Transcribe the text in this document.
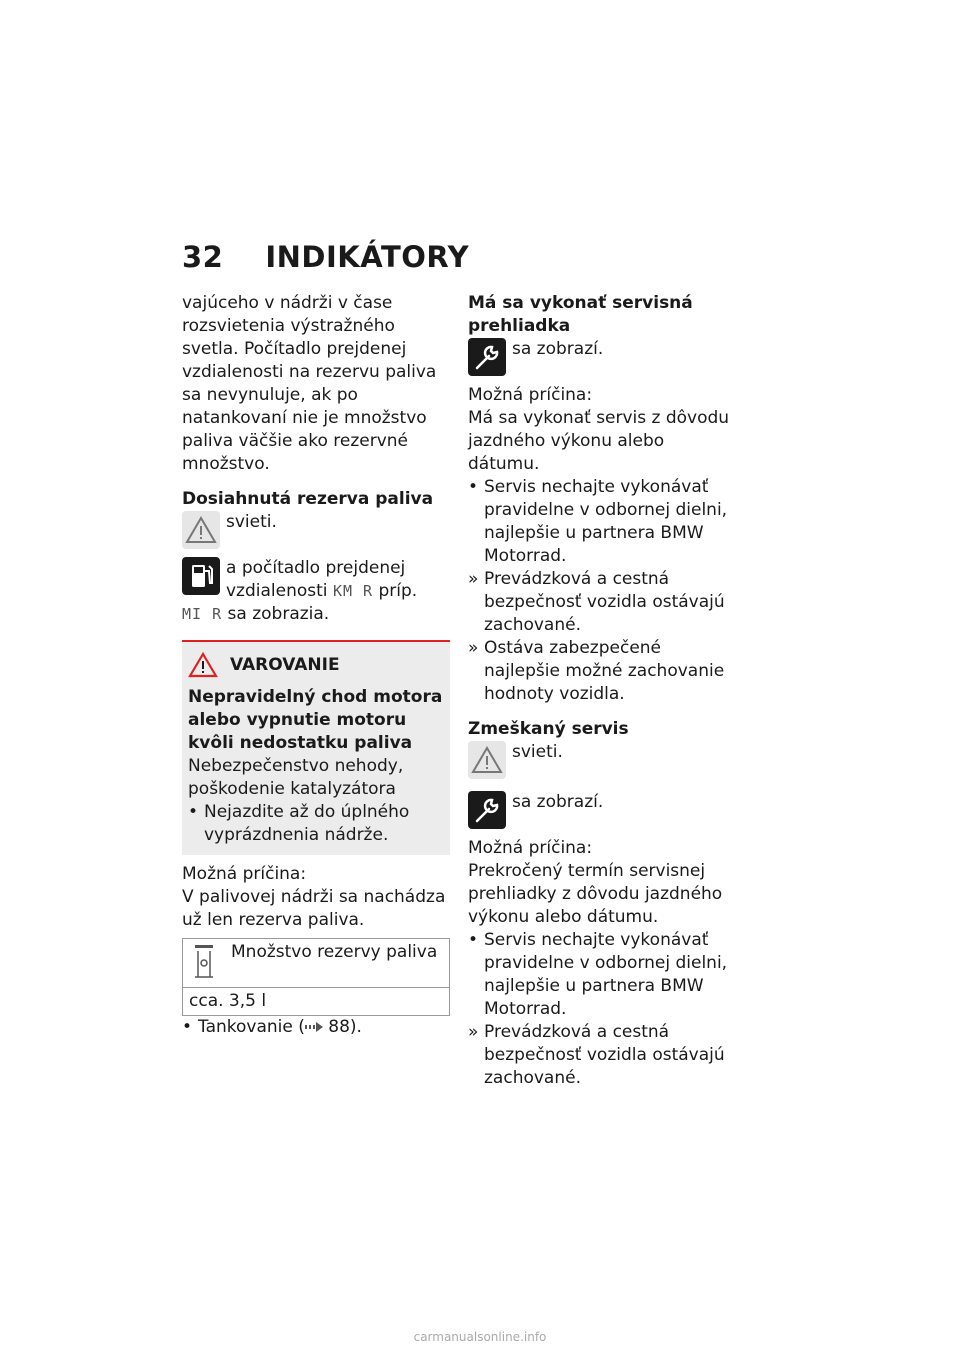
32 INDIKÁTORY

vajúceho v nádrži v čase rozsvietenia výstražného svetla. Počítadlo prejdenej vzdialenosti na rezervu paliva sa nevynuluje, ak po natankovaní nie je množstvo paliva väčšie ako rezervné množstvo.

Dosiahnutá rezerva paliva

svieti.
a počítadlo prejdenej vzdialenosti KM R príp.
MI R sa zobrazia.
VAROVANIE

Nepravidelný chod motora alebo vypnutie motoru kvôli nedostatku paliva

Nebezpečenstvo nehody, poškodenie katalyzátora

• Nejazdite až do úplného vyprázdnenia nádrže.

Možná príčina:

V palivovej nádrži sa nachádza už len rezerva paliva.

Množstvo rezervy paliva

cca. 3,5 l
• Tankovanie ( 88).

Má sa vykonať servisná prehliadka

sa zobrazí.

Možná príčina:

Má sa vykonať servis z dôvodu jazdného výkonu alebo dátumu.

• Servis nechajte vykonávať pravidelne v odbornej dielni, najlepšie u partnera BMW Motorrad.
» Prevádzková a cestná bezpečnosť vozidla ostávajú zachované.
» Ostáva zabezpečené najlepšie možné zachovanie hodnoty vozidla.

Zmeškaný servis

svieti.
sa zobrazí.

Možná príčina:

Prekročený termín servisnej prehliadky z dôvodu jazdného výkonu alebo dátumu.

• Servis nechajte vykonávať pravidelne v odbornej dielni, najlepšie u partnera BMW Motorrad.
» Prevádzková a cestná bezpečnosť vozidla ostávajú zachované.
carmanualsonline.info
